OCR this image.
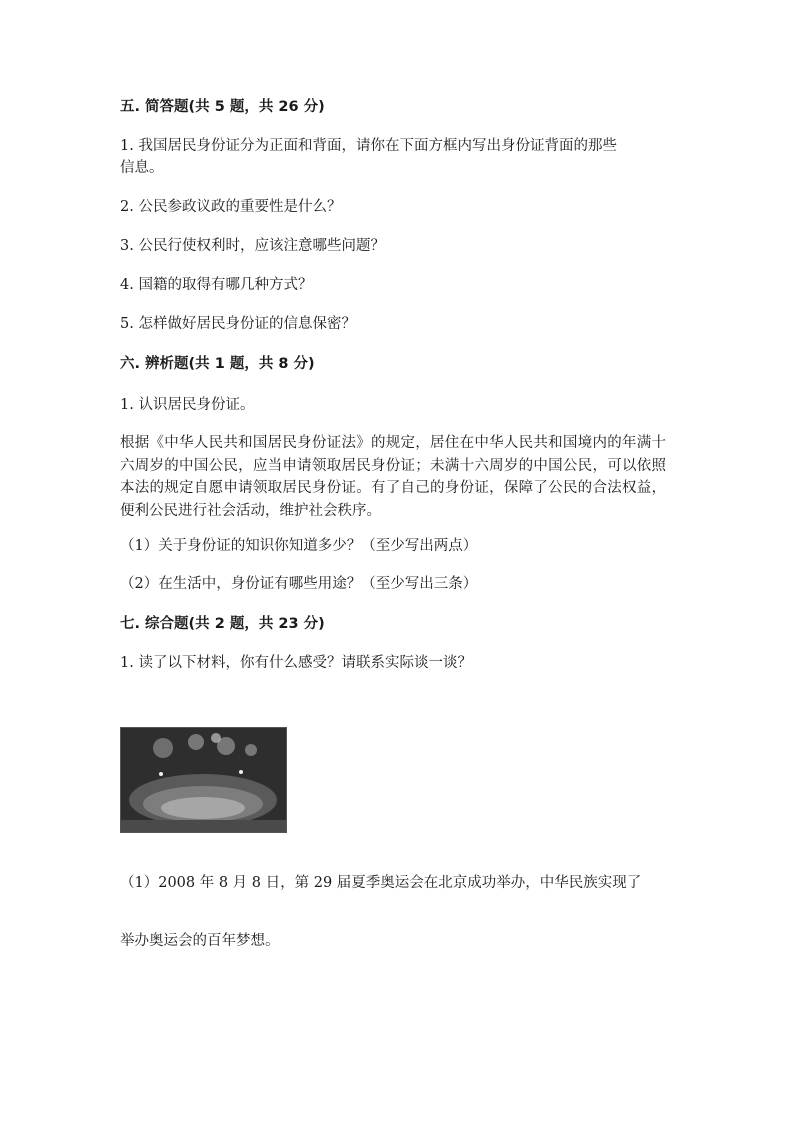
五. 简答题(共 5 题，共 26 分)
1. 我国居民身份证分为正面和背面，请你在下面方框内写出身份证背面的那些
信息。
2. 公民参政议政的重要性是什么？
3. 公民行使权利时，应该注意哪些问题？
4. 国籍的取得有哪几种方式？
5. 怎样做好居民身份证的信息保密？
六. 辨析题(共 1 题，共 8 分)
1. 认识居民身份证。
根据《中华人民共和国居民身份证法》的规定，居住在中华人民共和国境内的年满十六周岁的中国公民，应当申请领取居民身份证；未满十六周岁的中国公民，可以依照本法的规定自愿申请领取居民身份证。有了自己的身份证，保障了公民的合法权益，便利公民进行社会活动，维护社会秩序。
（1）关于身份证的知识你知道多少？（至少写出两点）
（2）在生活中，身份证有哪些用途？（至少写出三条）
七. 综合题(共 2 题，共 23 分)
1. 读了以下材料，你有什么感受？请联系实际谈一谈？
（1）2008 年 8 月 8 日，第 29 届夏季奥运会在北京成功举办，中华民族实现了
举办奥运会的百年梦想。
